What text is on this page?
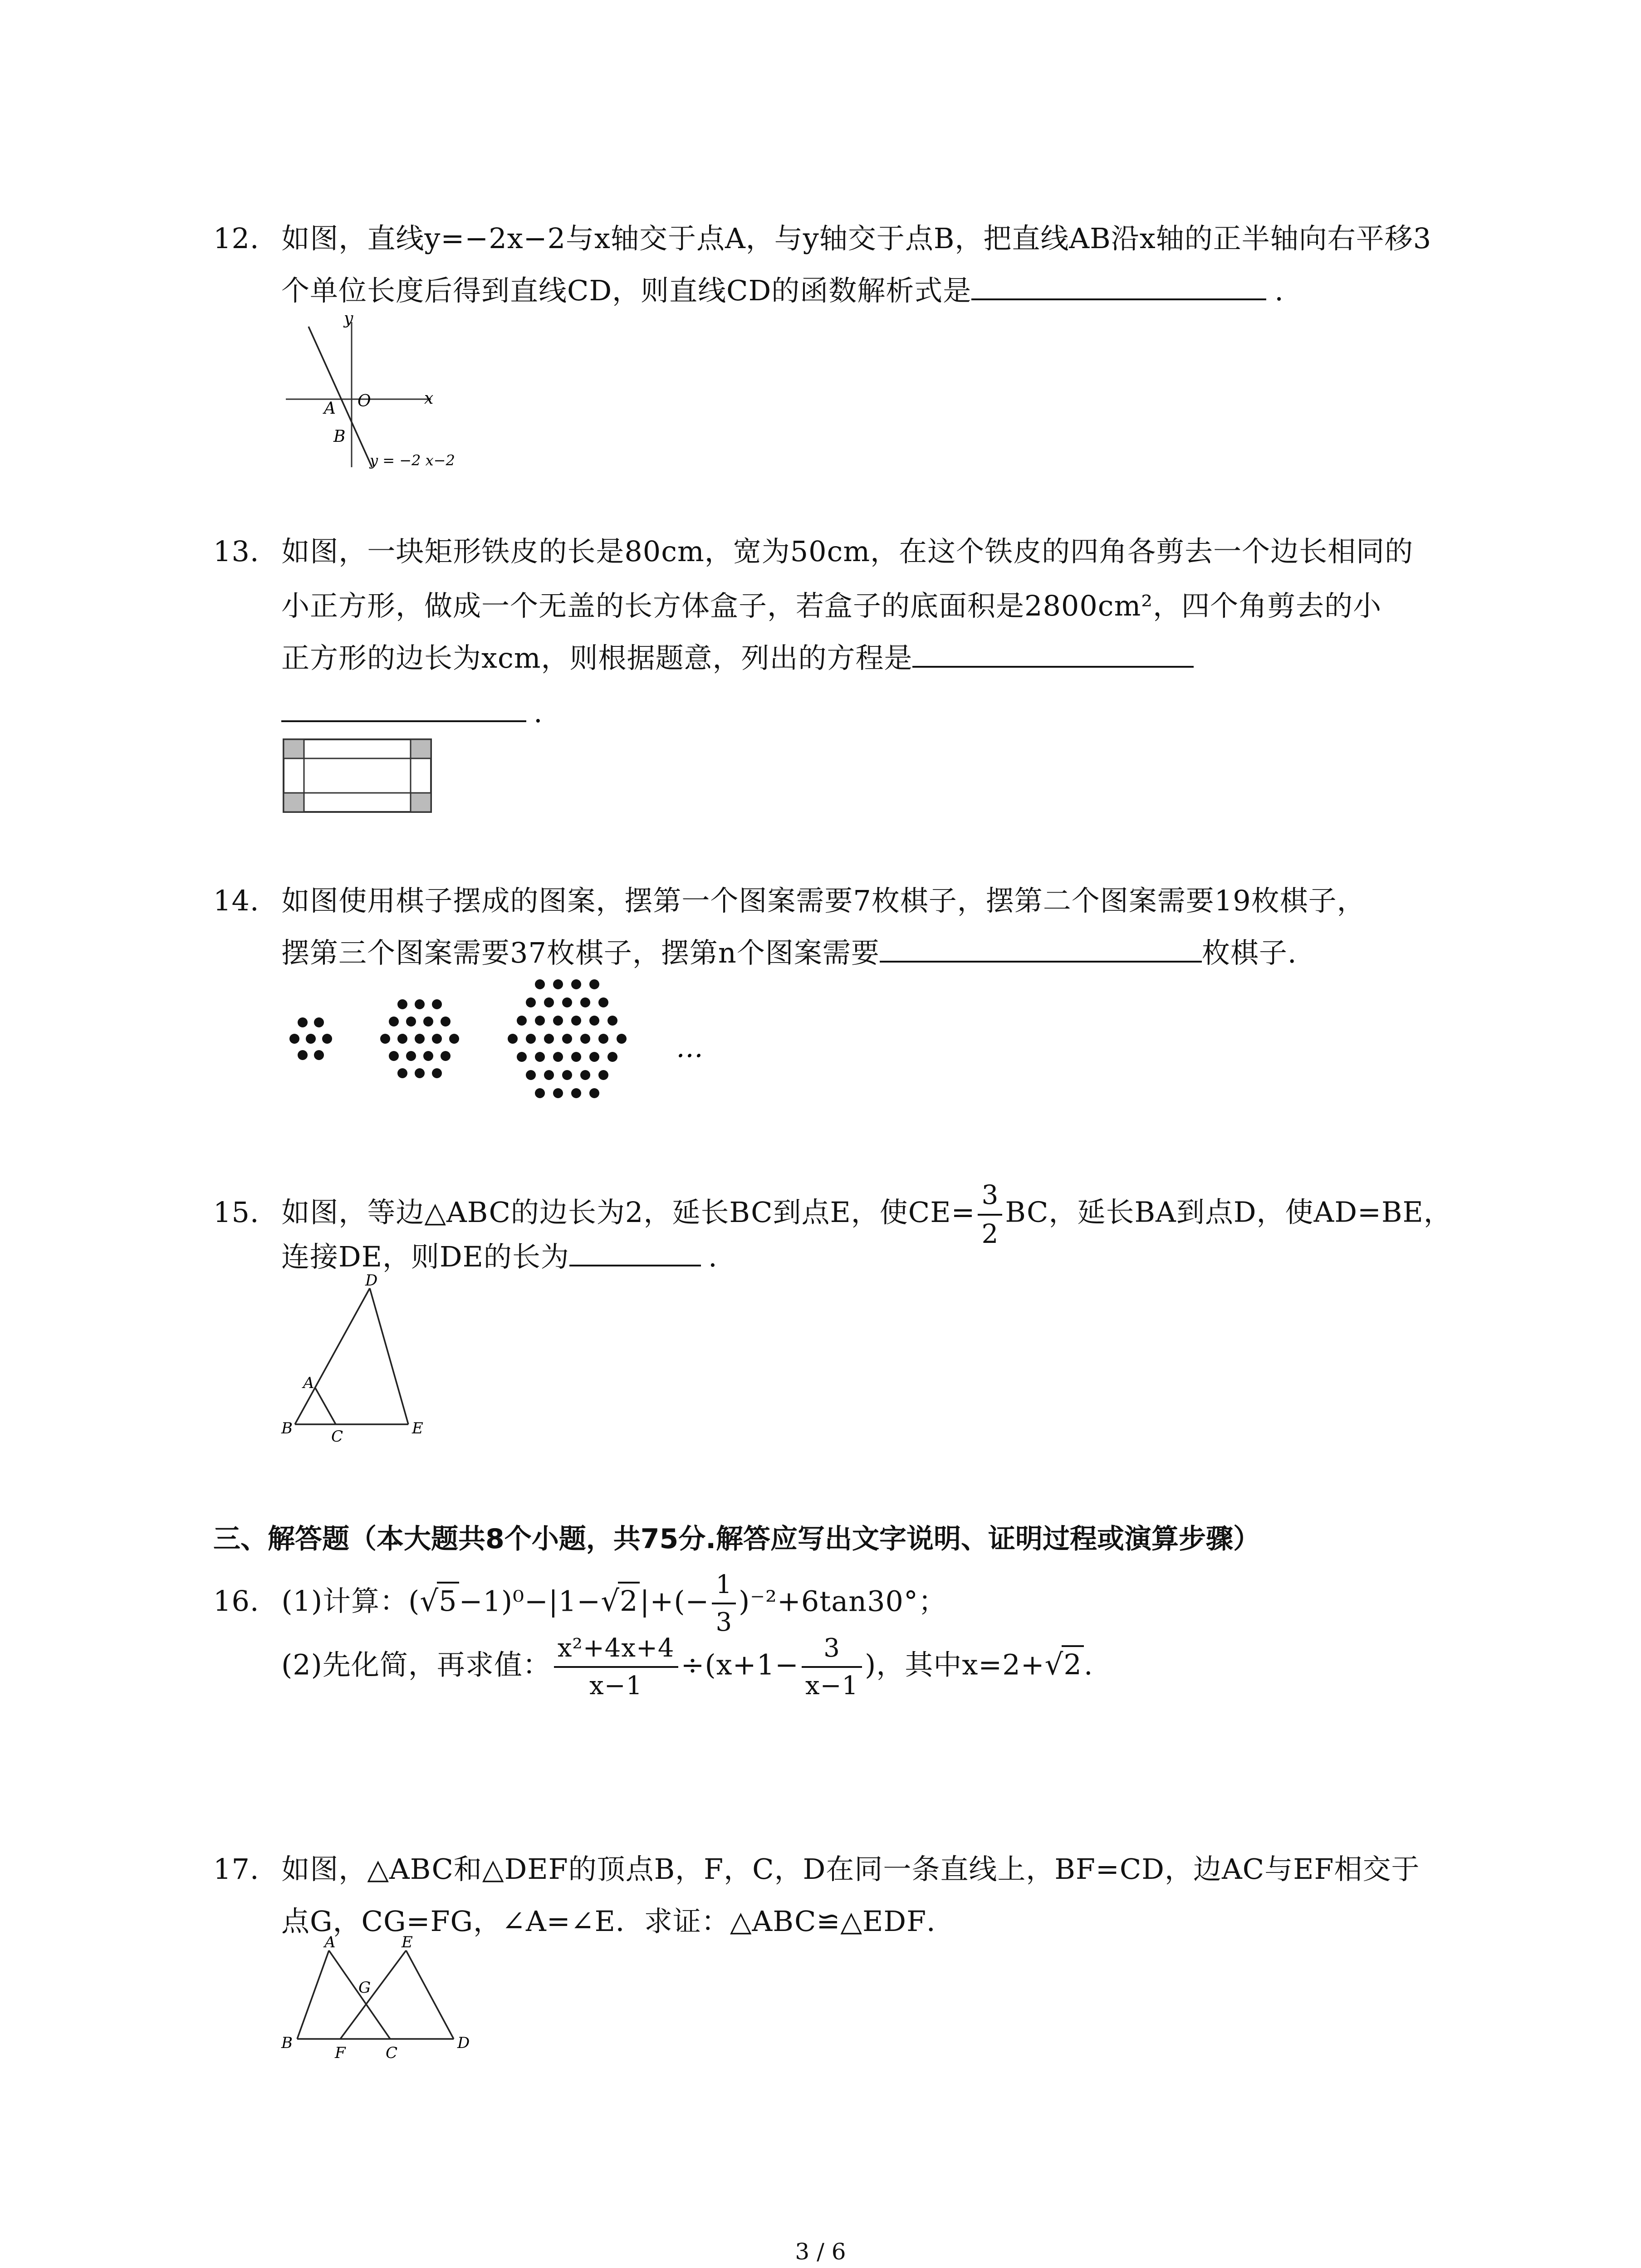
12. 如图，直线y=−2x−2与x轴交于点A，与y轴交于点B，把直线AB沿x轴的正半轴向右平移3
个单位长度后得到直线CD，则直线CD的函数解析式是	.
y
x
O
A
B
y = −2 x−2
13. 如图，一块矩形铁皮的长是80cm，宽为50cm，在这个铁皮的四角各剪去一个边长相同的
小正方形，做成一个无盖的长方体盒子，若盒子的底面积是2800cm²，四个角剪去的小
正方形的边长为xcm，则根据题意，列出的方程是
.
14. 如图使用棋子摆成的图案，摆第一个图案需要7枚棋子，摆第二个图案需要19枚棋子，
摆第三个图案需要37枚棋子，摆第n个图案需要	枚棋子.
…
15. 如图，等边△ABC的边长为2，延长BC到点E，使$CE= \frac{3}{2}$ BC，延长BA到点D，使AD=BE，
连接DE，则DE的长为	.
D
A
B	C	E
三、解答题（本大题共8个小题，共75分.解答应写出文字说明、证明过程或演算步骤）
16. (1)计算：$(√5-1)^0-|1-√2|+(- \frac{1}{3} )^{-2}+6\tan 30^\circ$；
(2)先化简，再求值： $\frac{\text{x²+4x+4}}{x-1} \div(x+1- \frac{3}{x-1}$ )，其中x=2+√2.
17. 如图，△ABC和△DEF的顶点B，F，C，D在同一条直线上，BF=CD，边AC与EF相交于
点G，CG=FG，∠A=∠E．求证：△ABC≌△EDF．
A	E
G
B
F	C
D
3 / 6
